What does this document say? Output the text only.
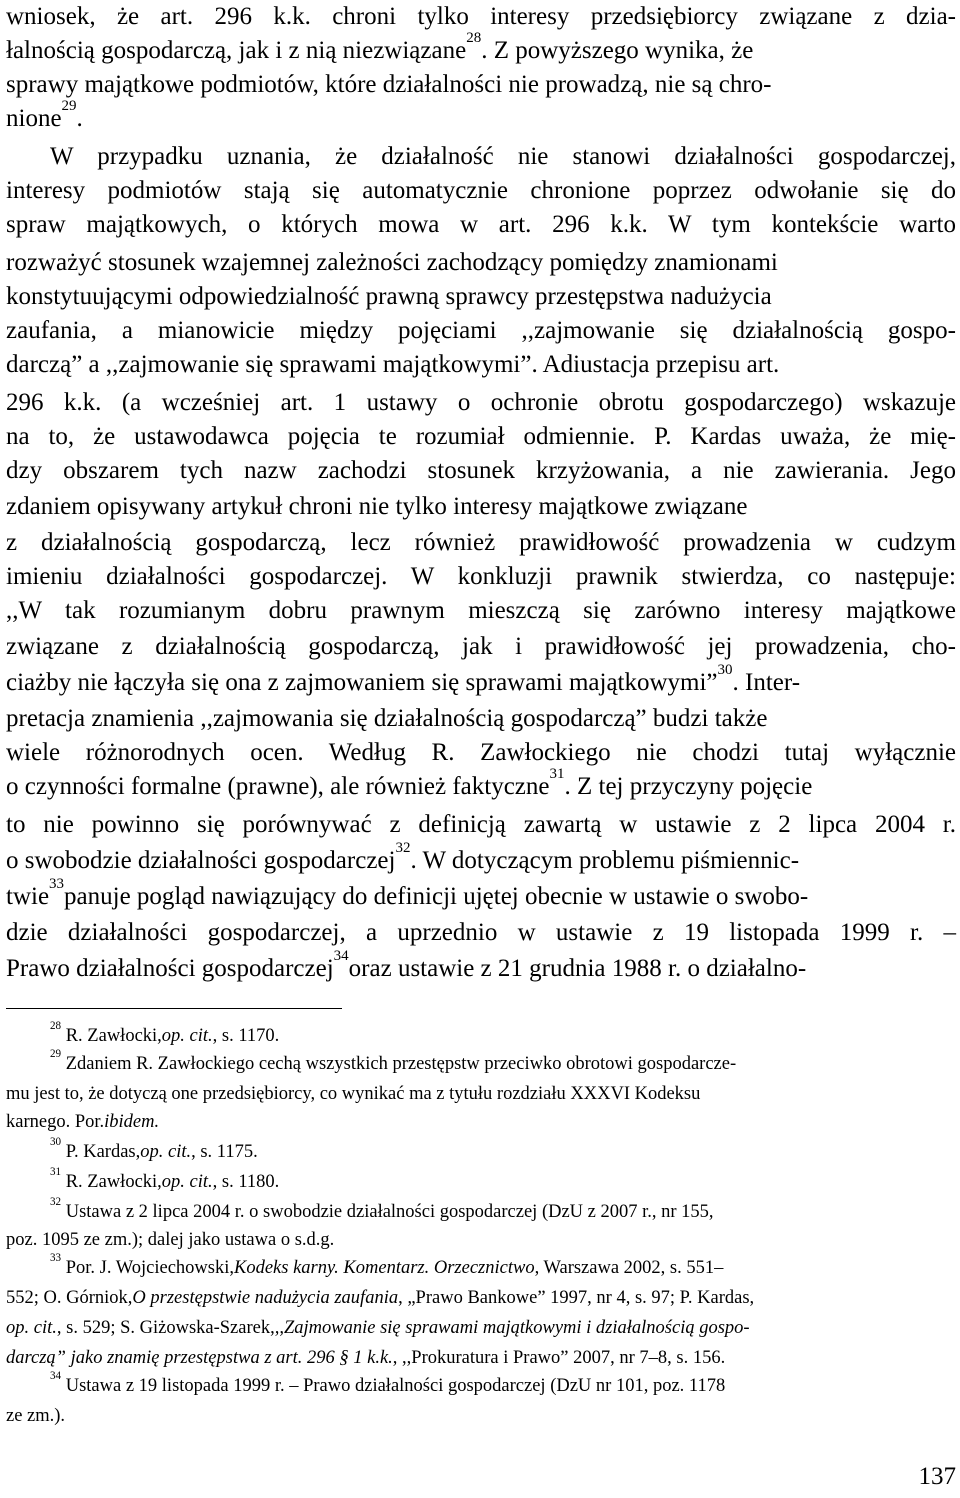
wniosek, że art. 296 k.k. chroni tylko interesy przedsiębiorcy związane z dzia-

łalnością gospodarczą, jak i z nią niezwiązane 28 . Z powyższego wynika, że

sprawy majątkowe podmiotów, które działalności nie prowadzą, nie są chro-

nione 29 .

W przypadku uznania, że działalność nie stanowi działalności gospodarczej,

interesy podmiotów stają się automatycznie chronione poprzez odwołanie się do

spraw majątkowych, o których mowa w art. 296 k.k. W tym kontekście warto

rozważyć stosunek wzajemnej zależności zachodzący pomiędzy znamionami

konstytuującymi odpowiedzialność prawną sprawcy przestępstwa nadużycia

zaufania, a mianowicie między pojęciami ,,zajmowanie się działalnością gospo-

darczą” a ,,zajmowanie się sprawami majątkowymi”. Adiustacja przepisu art.

296 k.k. (a wcześniej art. 1 ustawy o ochronie obrotu gospodarczego) wskazuje

na to, że ustawodawca pojęcia te rozumiał odmiennie. P. Kardas uważa, że mię-

dzy obszarem tych nazw zachodzi stosunek krzyżowania, a nie zawierania. Jego

zdaniem opisywany artykuł chroni nie tylko interesy majątkowe związane

z działalnością gospodarczą, lecz również prawidłowość prowadzenia w cudzym

imieniu działalności gospodarczej. W konkluzji prawnik stwierdza, co następuje:

,,W tak rozumianym dobru prawnym mieszczą się zarówno interesy majątkowe

związane z działalnością gospodarczą, jak i prawidłowość jej prowadzenia, cho-

ciażby nie łączyła się ona z zajmowaniem się sprawami majątkowymi” 30 . Inter-

pretacja znamienia ,,zajmowania się działalnością gospodarczą” budzi także

wiele różnorodnych ocen. Według R. Zawłockiego nie chodzi tutaj wyłącznie

o czynności formalne (prawne), ale również faktyczne 31 . Z tej przyczyny pojęcie

to nie powinno się porównywać z definicją zawartą w ustawie z 2 lipca 2004 r.

o swobodzie działalności gospodarczej 32 . W dotyczącym problemu piśmiennic-

twie 33 panuje pogląd nawiązujący do definicji ujętej obecnie w ustawie o swobo-

dzie działalności gospodarczej, a uprzednio w ustawie z 19 listopada 1999 r. –

Prawo działalności gospodarczej 34 oraz ustawie z 21 grudnia 1988 r. o działalno-

28
R. Zawłocki, op. cit. , s. 1170.

29
Zdaniem R. Zawłockiego cechą wszystkich przestępstw przeciwko obrotowi gospodarcze-

mu jest to, że dotyczą one przedsiębiorcy, co wynikać ma z tytułu rozdziału XXXVI Kodeksu

karnego. Por. ibidem.

30
P. Kardas, op. cit. , s. 1175.

31
R. Zawłocki, op. cit. , s. 1180.

32
Ustawa z 2 lipca 2004 r. o swobodzie działalności gospodarczej (DzU z 2007 r., nr 155,

poz. 1095 ze zm.); dalej jako ustawa o s.d.g.

33
Por. J. Wojciechowski, Kodeks karny. Komentarz. Orzecznictwo , Warszawa 2002, s. 551–

552; O. Górniok, O przestępstwie nadużycia zaufania , „Prawo Bankowe” 1997, nr 4, s. 97; P. Kardas,

op. cit. , s. 529; S. Giżowska-Szarek, ,,Zajmowanie się sprawami majątkowymi i działalnością gospo-

darczą” jako znamię przestępstwa z art. 296 § 1 k.k. , ,,Prokuratura i Prawo” 2007, nr 7–8, s. 156.

34
Ustawa z 19 listopada 1999 r. – Prawo działalności gospodarczej (DzU nr 101, poz. 1178

ze zm.).

137
